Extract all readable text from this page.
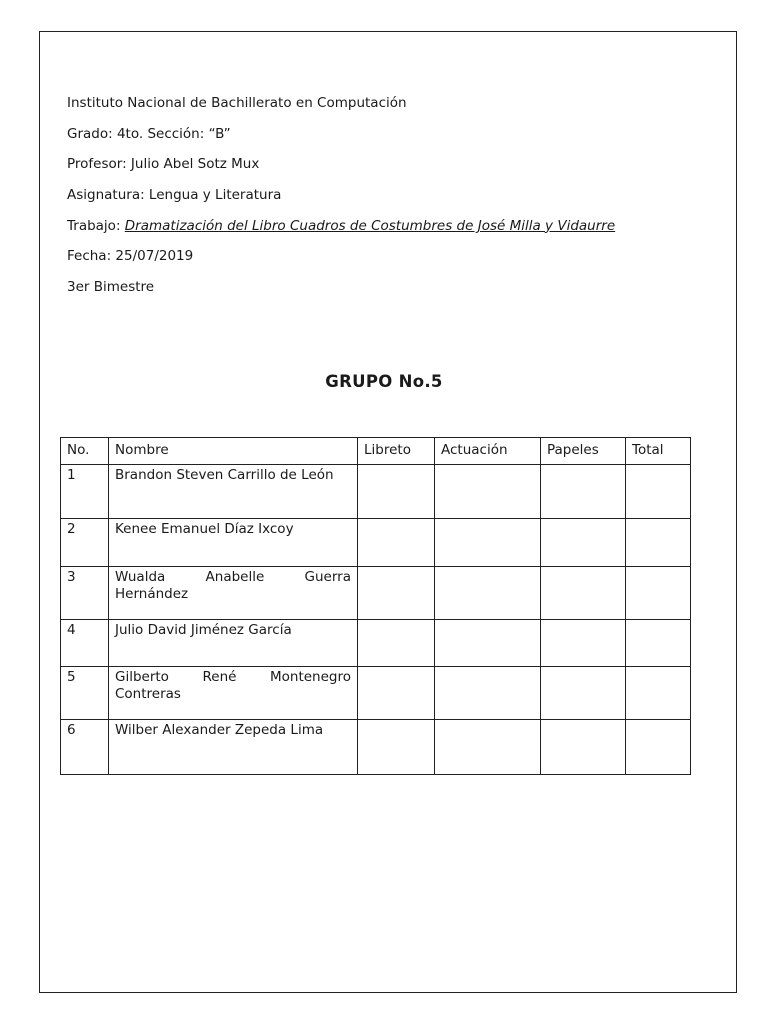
Instituto Nacional de Bachillerato en Computación
Grado: 4to. Sección: “B”
Profesor: Julio Abel Sotz Mux
Asignatura: Lengua y Literatura
Trabajo: Dramatización del Libro Cuadros de Costumbres de José Milla y Vidaurre
Fecha: 25/07/2019
3er Bimestre
GRUPO No.5
No.	Nombre	Libreto	Actuación	Papeles	Total
1	Brandon Steven Carrillo de León				
2	Kenee Emanuel Díaz Ixcoy				
3	Wualda Anabelle Guerra Hernández				
4	Julio David Jiménez García				
5	Gilberto René Montenegro Contreras				
6	Wilber Alexander Zepeda Lima				
